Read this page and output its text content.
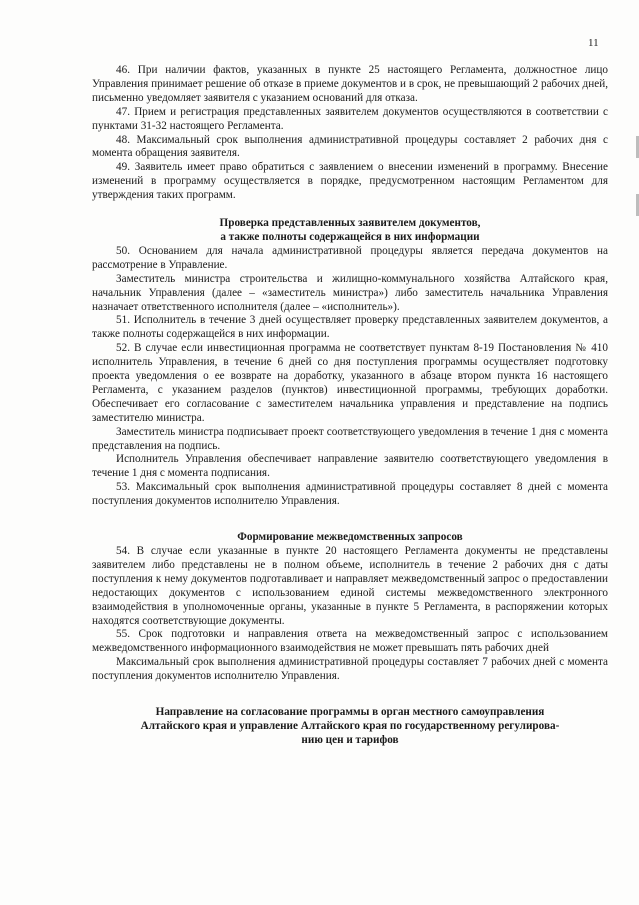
11

46. При наличии фактов, указанных в пункте 25 настоящего Регламента, должностное лицо Управления принимает решение об отказе в приеме документов и в срок, не превышающий 2 рабочих дней, письменно уведомляет заявителя с указанием оснований для отказа.

47. Прием и регистрация представленных заявителем документов осуществляются в соответствии с пунктами 31-32 настоящего Регламента.

48. Максимальный срок выполнения административной процедуры составляет 2 рабочих дня с момента обращения заявителя.

49. Заявитель имеет право обратиться с заявлением о внесении изменений в программу. Внесение изменений в программу осуществляется в порядке, предусмотренном настоящим Регламентом для утверждения таких программ.

Проверка представленных заявителем документов,

а также полноты содержащейся в них информации

50. Основанием для начала административной процедуры является передача документов на рассмотрение в Управление.

Заместитель министра строительства и жилищно-коммунального хозяйства Алтайского края, начальник Управления (далее – «заместитель министра») либо заместитель начальника Управления назначает ответственного исполнителя (далее – «исполнитель»).

51. Исполнитель в течение 3 дней осуществляет проверку представленных заявителем документов, а также полноты содержащейся в них информации.

52. В случае если инвестиционная программа не соответствует пунктам 8-19 Постановления № 410 исполнитель Управления, в течение 6 дней со дня поступления программы осуществляет подготовку проекта уведомления о ее возврате на доработку, указанного в абзаце втором пункта 16 настоящего Регламента, с указанием разделов (пунктов) инвестиционной программы, требующих доработки. Обеспечивает его согласование с заместителем начальника управления и представление на подпись заместителю министра.

Заместитель министра подписывает проект соответствующего уведомления в течение 1 дня с момента представления на подпись.

Исполнитель Управления обеспечивает направление заявителю соответствующего уведомления в течение 1 дня с момента подписания.

53. Максимальный срок выполнения административной процедуры составляет 8 дней с момента поступления документов исполнителю Управления.

Формирование межведомственных запросов

54. В случае если указанные в пункте 20 настоящего Регламента документы не представлены заявителем либо представлены не в полном объеме, исполнитель в течение 2 рабочих дня с даты поступления к нему документов подготавливает и направляет межведомственный запрос о предоставлении недостающих документов с использованием единой системы межведомственного электронного взаимодействия в уполномоченные органы, указанные в пункте 5 Регламента, в распоряжении которых находятся соответствующие документы.

55. Срок подготовки и направления ответа на межведомственный запрос с использованием межведомственного информационного взаимодействия не может превышать пять рабочих дней

Максимальный срок выполнения административной процедуры составляет 7 рабочих дней с момента поступления документов исполнителю Управления.

Направление на согласование программы в орган местного самоуправления

Алтайского края и управление Алтайского края по государственному регулирова-

нию цен и тарифов
